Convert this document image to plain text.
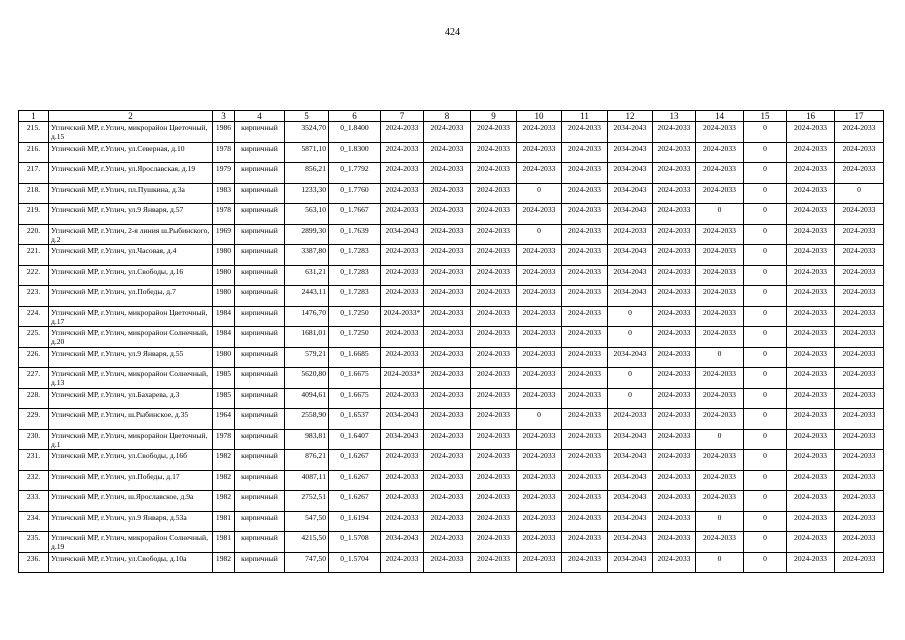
424
1	2	3	4	5	6	7	8	9	10	11	12	13	14	15	16	17
215.	Угличский МР, г.Углич, микрорайон Цветочный, д.15	1986	кирпичный	3524,70	0_1.8400	2024-2033	2024-2033	2024-2033	2024-2033	2024-2033	2034-2043	2024-2033	2024-2033	0	2024-2033	2024-2033
216.	Угличский МР, г.Углич, ул.Северная, д.10	1978	кирпичный	5871,10	0_1.8300	2024-2033	2024-2033	2024-2033	2024-2033	2024-2033	2034-2043	2024-2033	2024-2033	0	2024-2033	2024-2033
217.	Угличский МР, г.Углич, ул.Ярославская, д.19	1979	кирпичный	856,21	0_1.7792	2024-2033	2024-2033	2024-2033	2024-2033	2024-2033	2034-2043	2024-2033	2024-2033	0	2024-2033	2024-2033
218.	Угличский МР, г.Углич, пл.Пушкина, д.3а	1983	кирпичный	1233,30	0_1.7760	2024-2033	2024-2033	2024-2033	0	2024-2033	2034-2043	2024-2033	2024-2033	0	2024-2033	0
219.	Угличский МР, г.Углич, ул.9 Января, д.57	1978	кирпичный	563,10	0_1.7667	2024-2033	2024-2033	2024-2033	2024-2033	2024-2033	2034-2043	2024-2033	0	0	2024-2033	2024-2033
220.	Угличский МР, г.Углич, 2-я линия ш.Рыбинского, д.2	1969	кирпичный	2899,30	0_1.7639	2034-2043	2024-2033	2024-2033	0	2024-2033	2024-2033	2024-2033	2024-2033	0	2024-2033	2024-2033
221.	Угличский МР, г.Углич, ул.Часовая, д.4	1980	кирпичный	3387,80	0_1.7283	2024-2033	2024-2033	2024-2033	2024-2033	2024-2033	2034-2043	2024-2033	2024-2033	0	2024-2033	2024-2033
222.	Угличский МР, г.Углич, ул.Свободы, д.16	1980	кирпичный	631,21	0_1.7283	2024-2033	2024-2033	2024-2033	2024-2033	2024-2033	2034-2043	2024-2033	2024-2033	0	2024-2033	2024-2033
223.	Угличский МР, г.Углич, ул.Победы, д.7	1980	кирпичный	2443,11	0_1.7283	2024-2033	2024-2033	2024-2033	2024-2033	2024-2033	2034-2043	2024-2033	2024-2033	0	2024-2033	2024-2033
224.	Угличский МР, г.Углич, микрорайон Цветочный, д.17	1984	кирпичный	1476,70	0_1.7250	2024-2033*	2024-2033	2024-2033	2024-2033	2024-2033	0	2024-2033	2024-2033	0	2024-2033	2024-2033
225.	Угличский МР, г.Углич, микрорайон Солнечный, д.20	1984	кирпичный	1681,01	0_1.7250	2024-2033	2024-2033	2024-2033	2024-2033	2024-2033	0	2024-2033	2024-2033	0	2024-2033	2024-2033
226.	Угличский МР, г.Углич, ул.9 Января, д.55	1980	кирпичный	579,21	0_1.6685	2024-2033	2024-2033	2024-2033	2024-2033	2024-2033	2034-2043	2024-2033	0	0	2024-2033	2024-2033
227.	Угличский МР, г.Углич, микрорайон Солнечный, д.13	1985	кирпичный	5620,80	0_1.6675	2024-2033*	2024-2033	2024-2033	2024-2033	2024-2033	0	2024-2033	2024-2033	0	2024-2033	2024-2033
228.	Угличский МР, г.Углич, ул.Бахарева, д.3	1985	кирпичный	4094,61	0_1.6675	2024-2033	2024-2033	2024-2033	2024-2033	2024-2033	0	2024-2033	2024-2033	0	2024-2033	2024-2033
229.	Угличский МР, г.Углич, ш.Рыбинское, д.35	1964	кирпичный	2558,90	0_1.6537	2034-2043	2024-2033	2024-2033	0	2024-2033	2024-2033	2024-2033	2024-2033	0	2024-2033	2024-2033
230.	Угличский МР, г.Углич, микрорайон Цветочный, д.1	1978	кирпичный	983,81	0_1.6407	2034-2043	2024-2033	2024-2033	2024-2033	2024-2033	2034-2043	2024-2033	0	0	2024-2033	2024-2033
231.	Угличский МР, г.Углич, ул.Свободы, д.16б	1982	кирпичный	876,21	0_1.6267	2024-2033	2024-2033	2024-2033	2024-2033	2024-2033	2034-2043	2024-2033	2024-2033	0	2024-2033	2024-2033
232.	Угличский МР, г.Углич, ул.Победы, д.17	1982	кирпичный	4087,11	0_1.6267	2024-2033	2024-2033	2024-2033	2024-2033	2024-2033	2034-2043	2024-2033	2024-2033	0	2024-2033	2024-2033
233.	Угличский МР, г.Углич, ш.Ярославское, д.9а	1982	кирпичный	2752,51	0_1.6267	2024-2033	2024-2033	2024-2033	2024-2033	2024-2033	2034-2043	2024-2033	2024-2033	0	2024-2033	2024-2033
234.	Угличский МР, г.Углич, ул.9 Января, д.53а	1981	кирпичный	547,50	0_1.6194	2024-2033	2024-2033	2024-2033	2024-2033	2024-2033	2034-2043	2024-2033	0	0	2024-2033	2024-2033
235.	Угличский МР, г.Углич, микрорайон Солнечный, д.19	1981	кирпичный	4215,50	0_1.5708	2034-2043	2024-2033	2024-2033	2024-2033	2024-2033	2034-2043	2024-2033	2024-2033	0	2024-2033	2024-2033
236.	Угличский МР, г.Углич, ул.Свободы, д.10а	1982	кирпичный	747,50	0_1.5704	2024-2033	2024-2033	2024-2033	2024-2033	2024-2033	2034-2043	2024-2033	0	0	2024-2033	2024-2033
